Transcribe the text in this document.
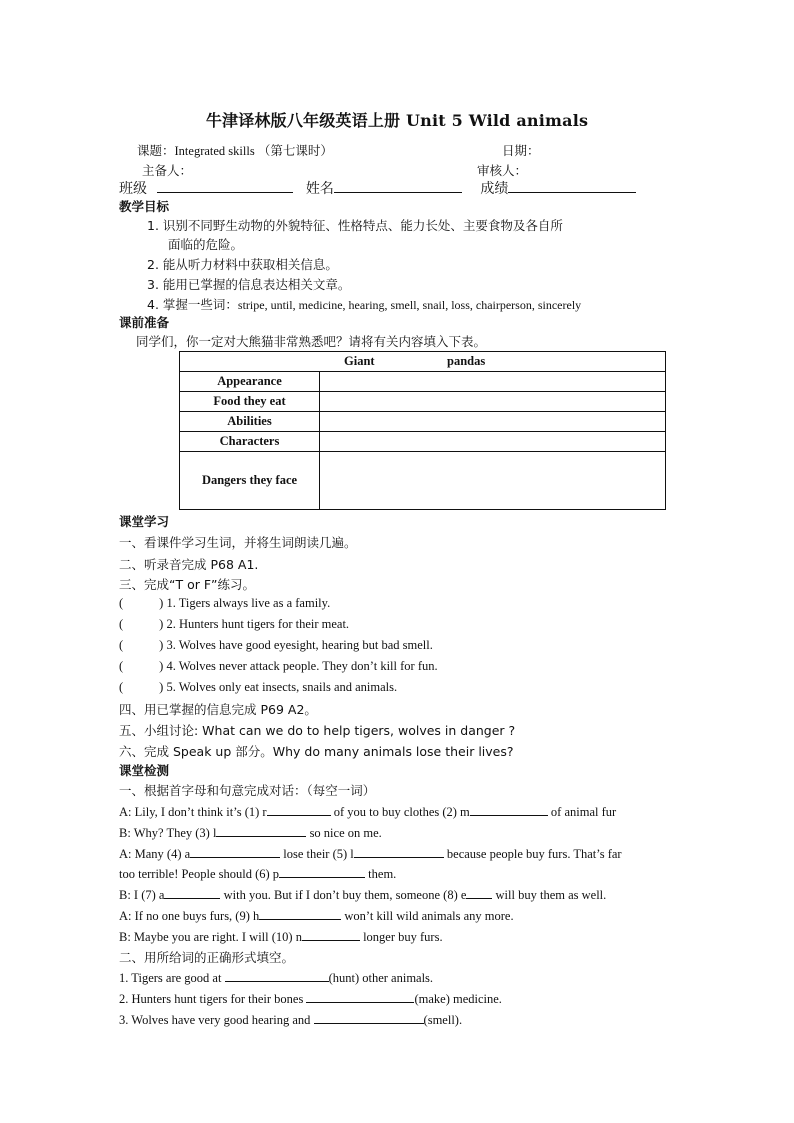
牛津译林版八年级英语上册 Unit 5 Wild animals
课题：Integrated skills （第七课时）	日期：
主备人：	审核人：
班级	姓名	成绩
教学目标
1. 识别不同野生动物的外貌特征、性格特点、能力长处、主要食物及各自所
面临的危险。
2. 能从听力材料中获取相关信息。
3. 能用已掌握的信息表达相关文章。
4. 掌握一些词：stripe, until, medicine, hearing, smell, snail, loss, chairperson, sincerely
课前准备
同学们，你一定对大熊猫非常熟悉吧？请将有关内容填入下表。
Giant pandas	

Appearance	
Food they eat	
Abilities	
Characters	
Dangers they face	
课堂学习
一、看课件学习生词，并将生词朗读几遍。
二、听录音完成 P68 A1.
三、完成“T or F”练习。
(	) 1. Tigers always live as a family.
(	) 2. Hunters hunt tigers for their meat.
(	) 3. Wolves have good eyesight, hearing but bad smell.
(	) 4. Wolves never attack people. They don’t kill for fun.
(	) 5. Wolves only eat insects, snails and animals.
四、用已掌握的信息完成 P69 A2。
五、小组讨论: What can we do to help tigers, wolves in danger ?
六、完成 Speak up 部分。Why do many animals lose their lives?
课堂检测
一、根据首字母和句意完成对话：（每空一词）
A: Lily, I don’t think it’s (1) r	of you to buy clothes (2) m	of animal fur
B: Why? They (3) l	so nice on me.
A: Many (4) a	lose their (5) l	because people buy furs. That’s far
too terrible! People should (6) p	them.
B: I (7) a	with you. But if I don’t buy them, someone (8) e will buy them as well.
A: If no one buys furs, (9) h	won’t kill wild animals any more.
B: Maybe you are right. I will (10) n	longer buy furs.
二、用所给词的正确形式填空。
1. Tigers are good at	(hunt) other animals.
2. Hunters hunt tigers for their bones	(make) medicine.
3. Wolves have very good hearing and	(smell).
